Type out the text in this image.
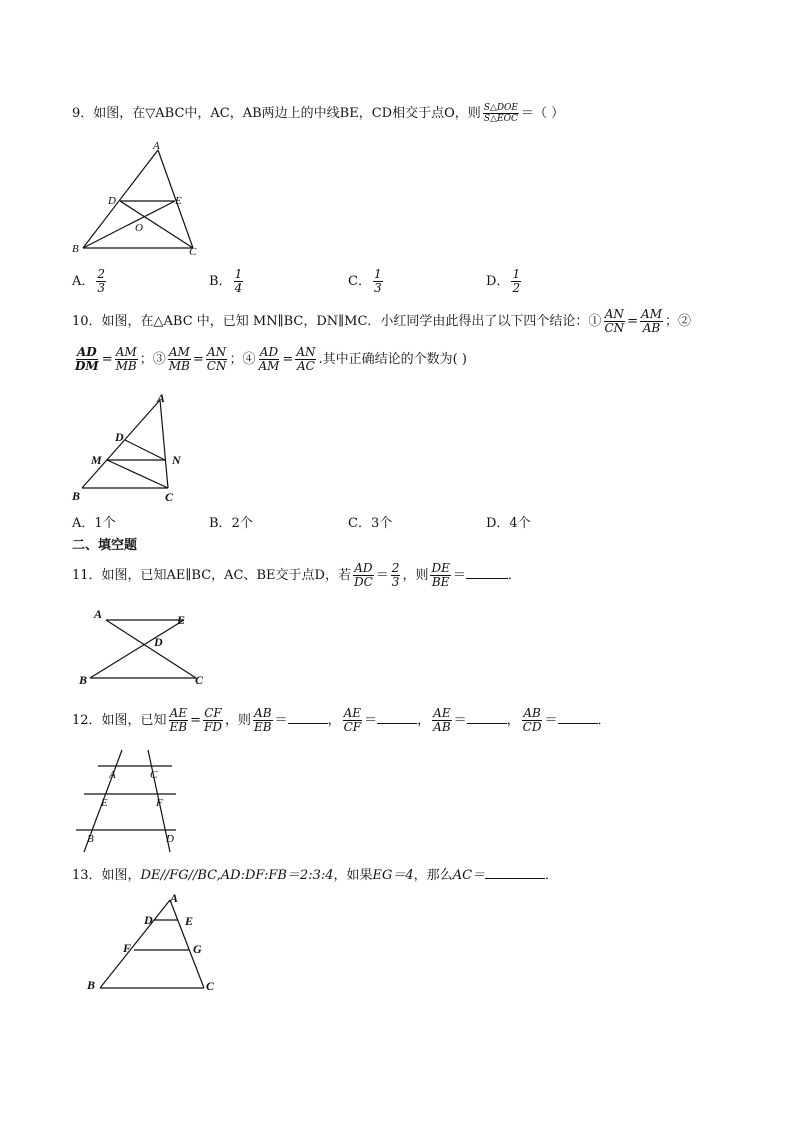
9．如图，在▽ABC中，AC，AB两边上的中线BE，CD相交于点O，则 $\frac{\text{S△DOE}}{\text{S△EOC}}$ ＝（ ）
A
B	C
D	E
O
A． $\frac{2}{3}$	B． $\frac{1}{4}$	C． $\frac{1}{3}$	D． $\frac{1}{2}$
10．如图，在△ABC 中，已知 MN∥BC，DN∥MC．小红同学由此得出了以下四个结论：① $\frac{AN}{CN} = \frac{AM}{AB}$ ；②
$\frac{AD}{DM} = \frac{AM}{MB}$ ；③ $\frac{AM}{MB} = \frac{AN}{CN}$ ；④ $\frac{AD}{AM} = \frac{AN}{AC}$ .其中正确结论的个数为( )
A
B	C
D
M	N
A．1个	B．2个	C．3个	D．4个
二、填空题
11．如图，已知AE∥BC，AC、BE交于点D，若 $\frac{AD}{DC} = \frac{2}{3}$ ，则 $\frac{DE}{BE}$ ＝	．
A	E
D
B	C
12．如图，已知 $\frac{AE}{EB} = \frac{CF}{FD}$ ，则 $\frac{AB}{EB}$ ＝	， $\frac{AE}{CF}$ ＝	， $\frac{AE}{AB}$ ＝	， $\frac{AB}{CD}$ ＝	．
A	C
E	F
B	D
13．如图，DE//FG//BC,AD:DF:FB＝2:3:4，如果EG＝4，那么AC＝	．
A
D	E
F	G
B	C
